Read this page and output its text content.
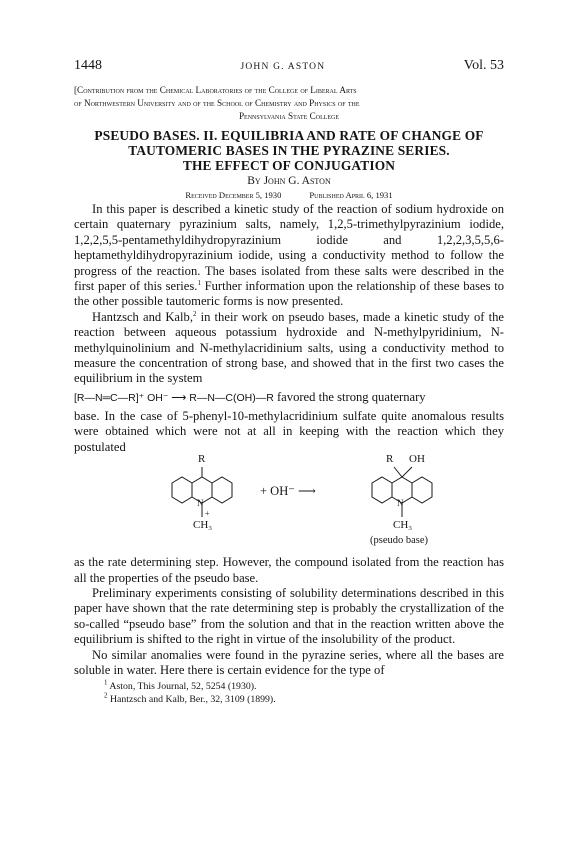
1448	JOHN G. ASTON	Vol. 53
[Contribution from the Chemical Laboratories of the College of Liberal Arts
of Northwestern University and of the School of Chemistry and Physics of the
Pennsylvania State College
PSEUDO BASES. II. EQUILIBRIA AND RATE OF CHANGE OF
TAUTOMERIC BASES IN THE PYRAZINE SERIES.
THE EFFECT OF CONJUGATION
By John G. Aston
Received December 5, 1930	Published April 6, 1931

In this paper is described a kinetic study of the reaction of sodium hydroxide on certain quaternary pyrazinium salts, namely, 1,2,5-trimethylpyrazinium iodide, 1,2,2,5,5-pentamethyldihydropyrazinium iodide and 1,2,2,3,5,5,6-heptamethyldihydropyrazinium iodide, using a conductivity method to follow the progress of the reaction. The bases isolated from these salts were described in the first paper of this series.$^1$ Further information upon the relationship of these bases to the other possible tautomeric forms is now presented.

Hantzsch and Kalb,$^2$ in their work on pseudo bases, made a kinetic study of the reaction between aqueous potassium hydroxide and N-methylpyridinium, N-methylquinolinium and N-methylacridinium salts, using a conductivity method to measure the concentration of strong base, and showed that in the first two cases the equilibrium in the system

[R—N═C—R]⁺ OH⁻ ⟶ R—N—C(OH)—R favored the strong quaternary

base. In the case of 5-phenyl-10-methylacridinium sulfate quite anomalous results were obtained which were not at all in keeping with the reaction which they postulated

R
N
+
CH₃
+ OH⁻ ⟶
R OH
N
CH₃
(pseudo base)

as the rate determining step. However, the compound isolated from the reaction has all the properties of the pseudo base.

Preliminary experiments consisting of solubility determinations described in this paper have shown that the rate determining step is probably the crystallization of the so-called “pseudo base” from the solution and that in the reaction written above the equilibrium is shifted to the right in virtue of the insolubility of the product.

No similar anomalies were found in the pyrazine series, where all the bases are soluble in water. Here there is certain evidence for the type of

$^1$ Aston, This Journal, 52, 5254 (1930).
$^2$ Hantzsch and Kalb, Ber., 32, 3109 (1899).
